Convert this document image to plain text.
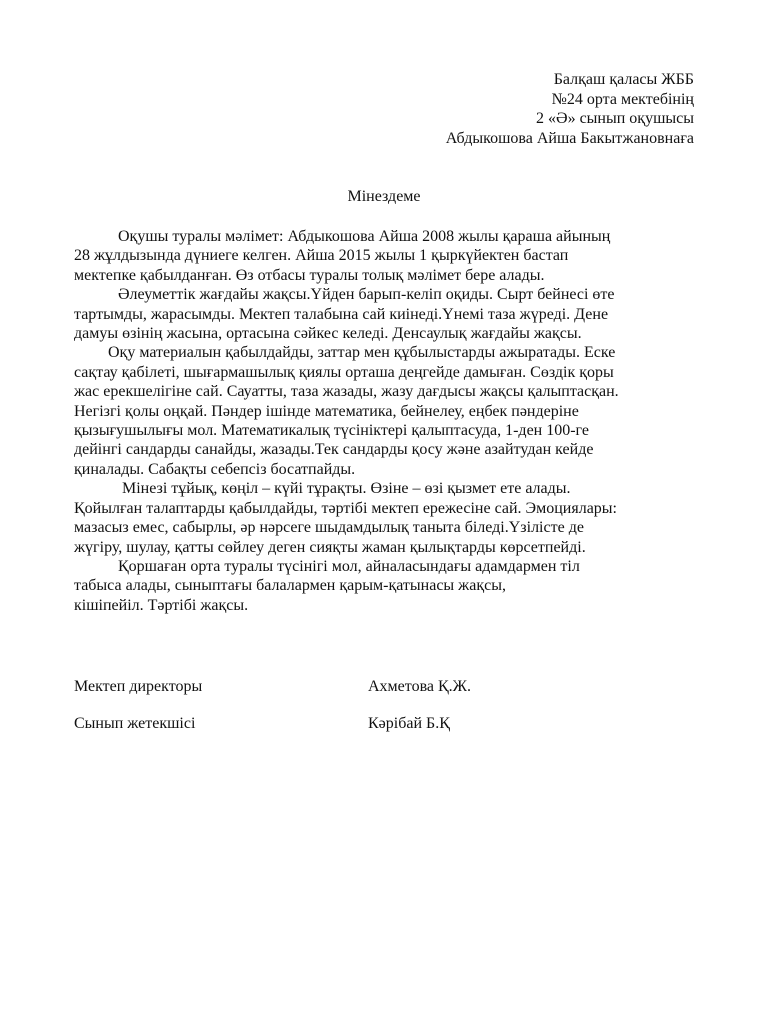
Балқаш қаласы ЖББ
№24 орта мектебінің
2 «Ә» сынып оқушысы
Абдыкошова Айша Бакытжановнаға
Мінездеме
Оқушы туралы мәлімет: Абдыкошова Айша 2008 жылы қараша айының
28 жұлдызында дүниеге келген. Айша 2015 жылы 1 қыркүйектен бастап
мектепке қабылданған. Өз отбасы туралы толық мәлімет бере алады.
Әлеуметтік жағдайы жақсы.Үйден барып-келіп оқиды. Сырт бейнесі өте
тартымды, жарасымды. Мектеп талабына сай киінеді.Үнемі таза жүреді. Дене
дамуы өзінің жасына, ортасына сәйкес келеді. Денсаулық жағдайы жақсы.
Оқу материалын қабылдайды, заттар мен құбылыстарды ажыратады. Еске
сақтау қабілеті, шығармашылық қиялы орташа деңгейде дамыған. Сөздік қоры
жас ерекшелігіне сай. Сауатты, таза жазады, жазу дағдысы жақсы қалыптасқан.
Негізгі қолы оңқай. Пәндер ішінде математика, бейнелеу, еңбек пәндеріне
қызығушылығы мол. Математикалық түсініктері қалыптасуда, 1-ден 100-ге
дейінгі сандарды санайды, жазады.Тек сандарды қосу және азайтудан кейде
қиналады. Сабақты себепсіз босатпайды.
Мінезі тұйық, көңіл – күйі тұрақты. Өзіне – өзі қызмет ете алады.
Қойылған талаптарды қабылдайды, тәртібі мектеп ережесіне сай. Эмоциялары:
мазасыз емес, сабырлы, әр нәрсеге шыдамдылық таныта біледі.Үзілісте де
жүгіру, шулау, қатты сөйлеу деген сияқты жаман қылықтарды көрсетпейді.
Қоршаған орта туралы түсінігі мол, айналасындағы адамдармен тіл
табыса алады, сыныптағы балалармен қарым-қатынасы жақсы,
кішіпейіл. Тәртібі жақсы.
Мектеп директоры	Ахметова Қ.Ж.
Сынып жетекшісі	Кәрібай Б.Қ
